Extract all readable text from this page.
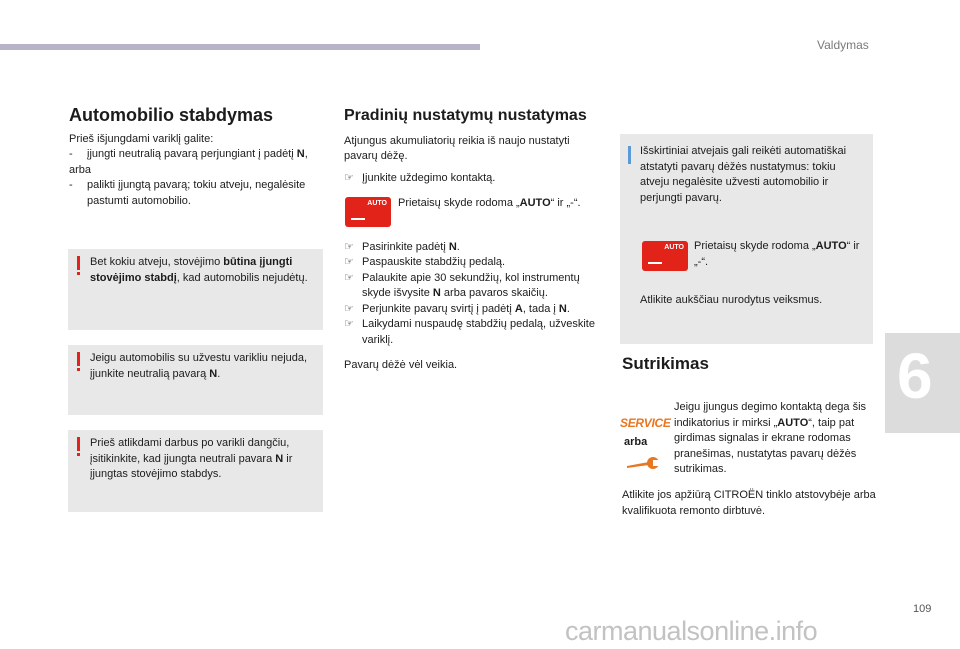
Valdymas
Automobilio stabdymas

Prieš išjungdami variklį galite:

- įjungti neutralią pavarą perjungiant į padėtį N,

arba

- palikti įjungtą pavarą; tokiu atveju, negalėsite pastumti automobilio.

Bet kokiu atveju, stovėjimo būtina įjungti stovėjimo stabdį, kad automobilis nejudėtų.
Jeigu automobilis su užvestu varikliu nejuda, įjunkite neutralią pavarą N.
Prieš atlikdami darbus po varikli dangčiu, įsitikinkite, kad įjungta neutrali pavara N ir įjungtas stovėjimo stabdys.
Pradinių nustatymų nustatymas

Atjungus akumuliatorių reikia iš naujo nustatyti pavarų dėžę.

☞ Įjunkite uždegimo kontaktą.

Prietaisų skyde rodoma „AUTO“ ir „-“.

☞ Pasirinkite padėtį N.

☞ Paspauskite stabdžių pedalą.

☞ Palaukite apie 30 sekundžių, kol instrumentų skyde išvysite N arba pavaros skaičių.

☞ Perjunkite pavarų svirtį į padėtį A, tada į N.

☞ Laikydami nuspaudę stabdžių pedalą, užveskite variklį.

Pavarų dėžė vėl veikia.

AUTO

Išskirtiniai atvejais gali reikėti automatiškai atstatyti pavarų dėžės nustatymus: tokiu atveju negalėsite užvesti automobilio ir perjungti pavarų.

AUTO Prietaisų skyde rodoma „AUTO“ ir „-“.

Atlikite aukščiau nurodytus veiksmus.

Sutrikimas
SERVICE
arba

Jeigu įjungus degimo kontaktą dega šis indikatorius ir mirksi „AUTO“, taip pat girdimas signalas ir ekrane rodomas pranešimas, nustatytas pavarų dėžės sutrikimas.

Atlikite jos apžiūrą CITROËN tinklo atstovybėje arba kvalifikuota remonto dirbtuvė.

6
109
carmanualsonline.info
